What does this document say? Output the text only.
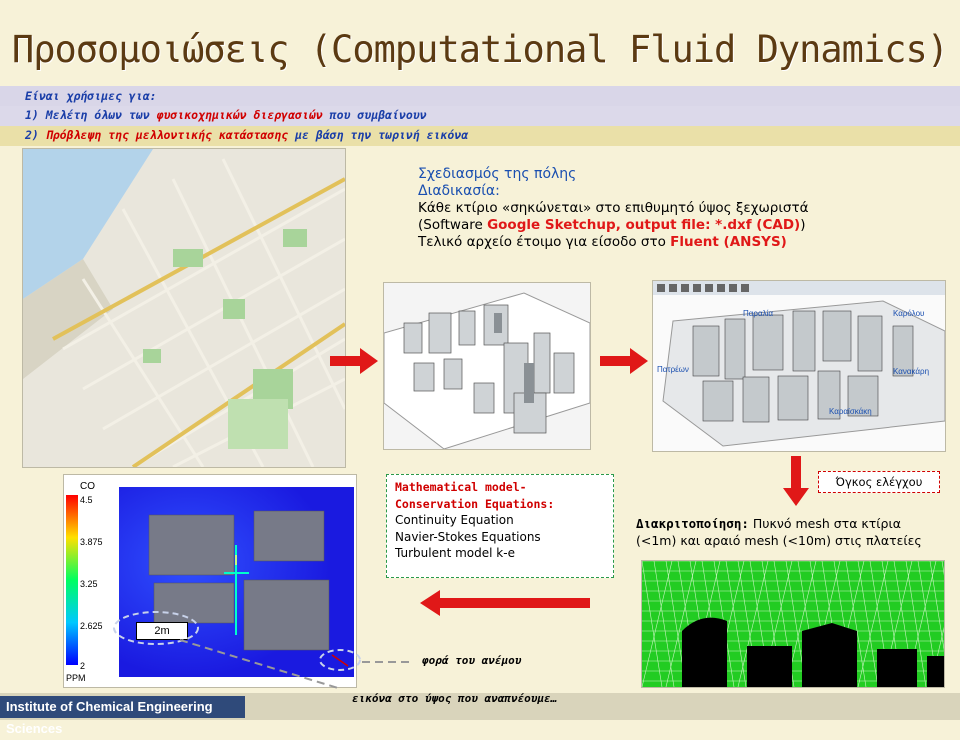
Προσομοιώσεις (Computational Fluid Dynamics)
Είναι χρήσιμες για:
1) Μελέτη όλων των φυσικοχημικών διεργασιών που συμβαίνουν
2) Πρόβλεψη της μελλοντικής κατάστασης με βάση την τωρινή εικόνα
Σχεδιασμός της πόλης
Διαδικασία:
Κάθε κτίριο «σηκώνεται» στο επιθυμητό ύψος ξεχωριστά
(Software Google Sketchup, output file: *.dxf (CAD))
Τελικό αρχείο έτοιμο για είσοδο στο Fluent (ANSYS)
Παραλία	Καρόλου
Πατρέων	Κανακάρη
Καραϊσκάκη
Όγκος ελέγχου
Mathematical model-
Conservation Equations:
Continuity Equation
Navier-Stokes Equations
Turbulent model k-e
Διακριτοποίηση: Πυκνό mesh στα κτίρια
(<1m) και αραιό mesh (<10m) στις πλατείες
CO
4.5
3.875
3.25
2.625
2
PPM
2m
φορά του ανέμου
Institute of Chemical Engineering Sciences
εικόνα στο ύψος που αναπνέουμε…
